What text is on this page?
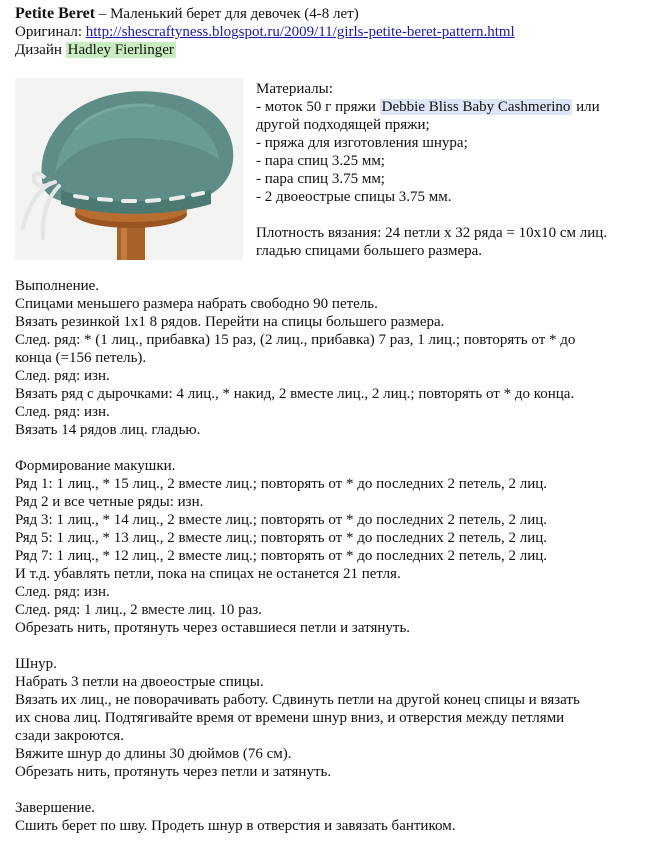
Petite Beret – Маленький берет для девочек (4-8 лет)
Оригинал: http://shescraftyness.blogspot.ru/2009/11/girls-petite-beret-pattern.html
Дизайн Hadley Fierlinger
Материалы:
- моток 50 г пряжи Debbie Bliss Baby Cashmerino или
другой подходящей пряжи;
- пряжа для изготовления шнура;
- пара спиц 3.25 мм;
- пара спиц 3.75 мм;
- 2 двоеострые спицы 3.75 мм.
Плотность вязания: 24 петли х 32 ряда = 10х10 см лиц.
гладью спицами большего размера.
Выполнение.
Спицами меньшего размера набрать свободно 90 петель.
Вязать резинкой 1х1 8 рядов. Перейти на спицы большего размера.
След. ряд: * (1 лиц., прибавка) 15 раз, (2 лиц., прибавка) 7 раз, 1 лиц.; повторять от * до
конца (=156 петель).
След. ряд: изн.
Вязать ряд с дырочками: 4 лиц., * накид, 2 вместе лиц., 2 лиц.; повторять от * до конца.
След. ряд: изн.
Вязать 14 рядов лиц. гладью.
Формирование макушки.
Ряд 1: 1 лиц., * 15 лиц., 2 вместе лиц.; повторять от * до последних 2 петель, 2 лиц.
Ряд 2 и все четные ряды: изн.
Ряд 3: 1 лиц., * 14 лиц., 2 вместе лиц.; повторять от * до последних 2 петель, 2 лиц.
Ряд 5: 1 лиц., * 13 лиц., 2 вместе лиц.; повторять от * до последних 2 петель, 2 лиц.
Ряд 7: 1 лиц., * 12 лиц., 2 вместе лиц.; повторять от * до последних 2 петель, 2 лиц.
И т.д. убавлять петли, пока на спицах не останется 21 петля.
След. ряд: изн.
След. ряд: 1 лиц., 2 вместе лиц. 10 раз.
Обрезать нить, протянуть через оставшиеся петли и затянуть.
Шнур.
Набрать 3 петли на двоеострые спицы.
Вязать их лиц., не поворачивать работу. Сдвинуть петли на другой конец спицы и вязать
их снова лиц. Подтягивайте время от времени шнур вниз, и отверстия между петлями
сзади закроются.
Вяжите шнур до длины 30 дюймов (76 см).
Обрезать нить, протянуть через петли и затянуть.
Завершение.
Сшить берет по шву. Продеть шнур в отверстия и завязать бантиком.
